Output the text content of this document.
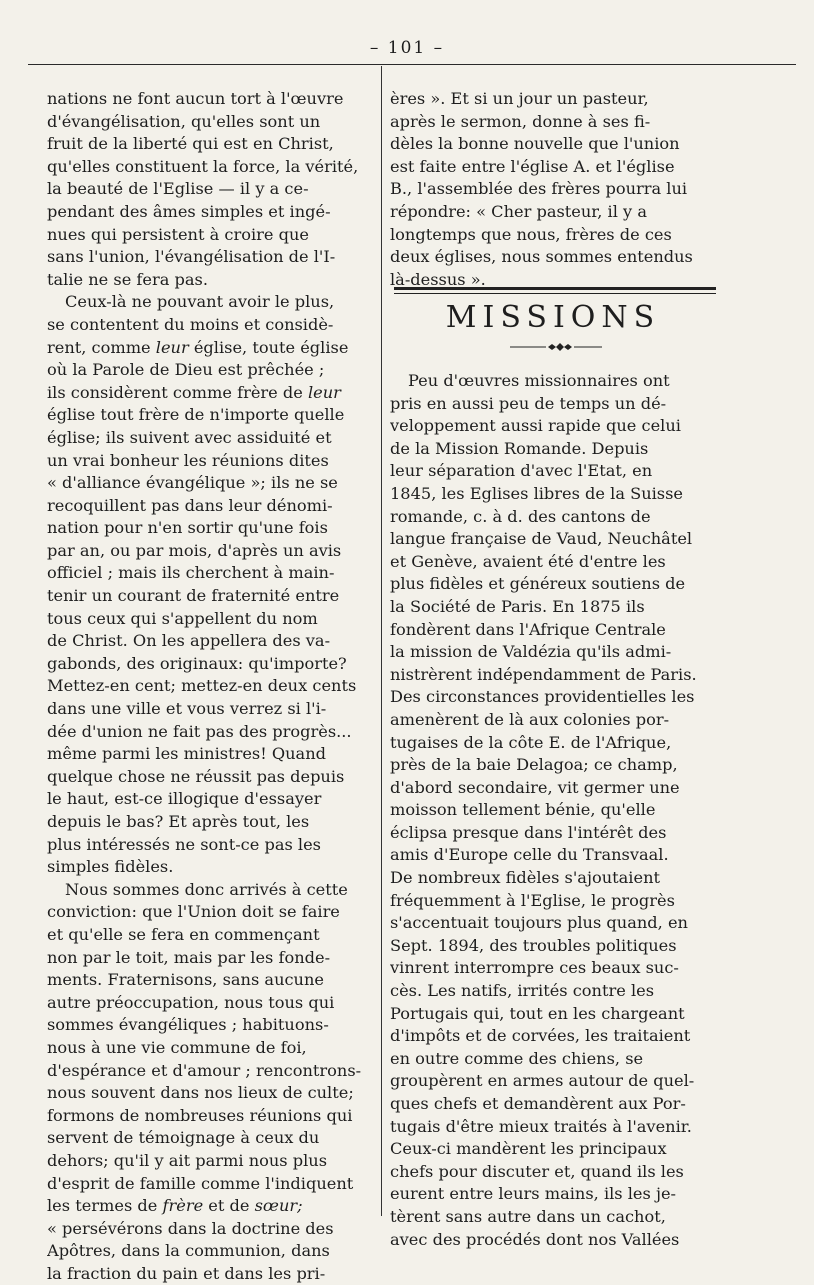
– 101 –

nations ne font aucun tort à l'œuvre
d'évangélisation, qu'elles sont un
fruit de la liberté qui est en Christ,
qu'elles constituent la force, la vérité,
la beauté de l'Eglise — il y a ce-
pendant des âmes simples et ingé-
nues qui persistent à croire que
sans l'union, l'évangélisation de l'I-
talie ne se fera pas.

Ceux-là ne pouvant avoir le plus,
se contentent du moins et considè-
rent, comme leur église, toute église
où la Parole de Dieu est prêchée ;
ils considèrent comme frère de leur
église tout frère de n'importe quelle
église; ils suivent avec assiduité et
un vrai bonheur les réunions dites
« d'alliance évangélique »; ils ne se
recoquillent pas dans leur dénomi-
nation pour n'en sortir qu'une fois
par an, ou par mois, d'après un avis
officiel ; mais ils cherchent à main-
tenir un courant de fraternité entre
tous ceux qui s'appellent du nom
de Christ. On les appellera des va-
gabonds, des originaux: qu'importe?
Mettez-en cent; mettez-en deux cents
dans une ville et vous verrez si l'i-
dée d'union ne fait pas des progrès...
même parmi les ministres! Quand
quelque chose ne réussit pas depuis
le haut, est-ce illogique d'essayer
depuis le bas? Et après tout, les
plus intéressés ne sont-ce pas les
simples fidèles.

Nous sommes donc arrivés à cette
conviction: que l'Union doit se faire
et qu'elle se fera en commençant
non par le toit, mais par les fonde-
ments. Fraternisons, sans aucune
autre préoccupation, nous tous qui
sommes évangéliques ; habituons-
nous à une vie commune de foi,
d'espérance et d'amour ; rencontrons-
nous souvent dans nos lieux de culte;
formons de nombreuses réunions qui
servent de témoignage à ceux du
dehors; qu'il y ait parmi nous plus
d'esprit de famille comme l'indiquent
les termes de frère et de sœur;
« persévérons dans la doctrine des
Apôtres, dans la communion, dans
la fraction du pain et dans les pri-

ères ». Et si un jour un pasteur,
après le sermon, donne à ses fi-
dèles la bonne nouvelle que l'union
est faite entre l'église A. et l'église
B., l'assemblée des frères pourra lui
répondre: « Cher pasteur, il y a
longtemps que nous, frères de ces
deux églises, nous sommes entendus
là-dessus ».

MISSIONS

Peu d'œuvres missionnaires ont
pris en aussi peu de temps un dé-
veloppement aussi rapide que celui
de la Mission Romande. Depuis
leur séparation d'avec l'Etat, en
1845, les Eglises libres de la Suisse
romande, c. à d. des cantons de
langue française de Vaud, Neuchâtel
et Genève, avaient été d'entre les
plus fidèles et généreux soutiens de
la Société de Paris. En 1875 ils
fondèrent dans l'Afrique Centrale
la mission de Valdézia qu'ils admi-
nistrèrent indépendamment de Paris.
Des circonstances providentielles les
amenèrent de là aux colonies por-
tugaises de la côte E. de l'Afrique,
près de la baie Delagoa; ce champ,
d'abord secondaire, vit germer une
moisson tellement bénie, qu'elle
éclipsa presque dans l'intérêt des
amis d'Europe celle du Transvaal.
De nombreux fidèles s'ajoutaient
fréquemment à l'Eglise, le progrès
s'accentuait toujours plus quand, en
Sept. 1894, des troubles politiques
vinrent interrompre ces beaux suc-
cès. Les natifs, irrités contre les
Portugais qui, tout en les chargeant
d'impôts et de corvées, les traitaient
en outre comme des chiens, se
groupèrent en armes autour de quel-
ques chefs et demandèrent aux Por-
tugais d'être mieux traités à l'avenir.
Ceux-ci mandèrent les principaux
chefs pour discuter et, quand ils les
eurent entre leurs mains, ils les je-
tèrent sans autre dans un cachot,
avec des procédés dont nos Vallées
